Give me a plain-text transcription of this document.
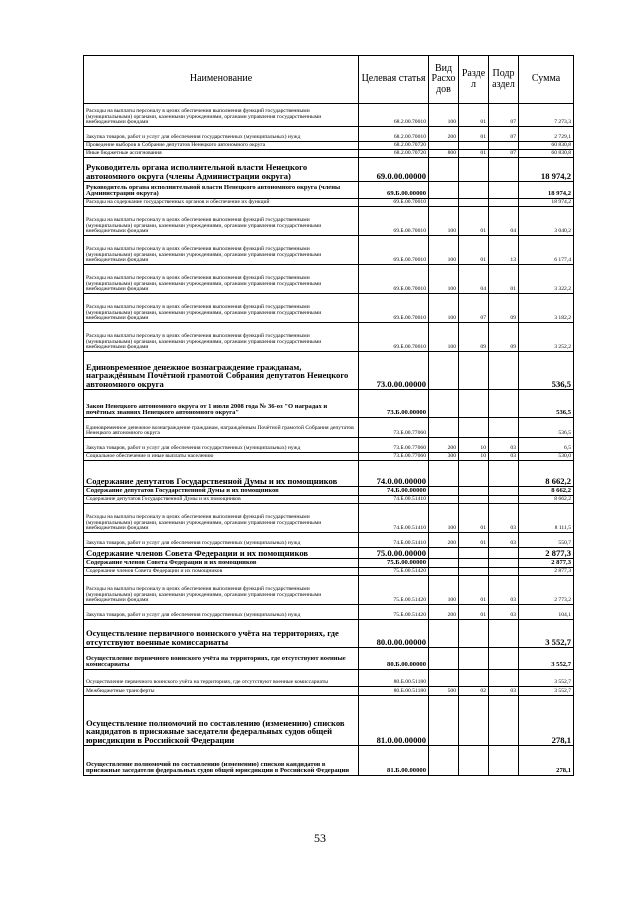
Наименование	Целевая статья	Вид Расхо дов	Разде л	Подр аздел	Сумма
Расходы на выплаты персоналу в целях обеспечения выполнения функций государственными (муниципальными) органами, казенными учреждениями, органами управления государственными внебюджетными фондами	68.2.00.70010	100	01	07	7 273,3
Закупка товаров, работ и услуг для обеспечения государственных (муниципальных) нужд	68.2.00.70010	200	01	07	2 729,1
Проведение выборов в Собрание депутатов Ненецкого автономного округа	68.2.00.70720				60 830,8
Иные бюджетные ассигнования	68.2.00.70720	800	01	07	60 830,8
Руководитель органа исполнительной власти Ненецкого автономного округа (члены Администрации округа)	69.0.00.00000				18 974,2
Руководитель органа исполнительной власти Ненецкого автономного округа (члены Администрации округа)	69.Б.00.00000				18 974,2
Расходы на содержание государственных органов и обеспечение их функций	69.Б.00.70010				18 974,2
Расходы на выплаты персоналу в целях обеспечения выполнения функций государственными (муниципальными) органами, казенными учреждениями, органами управления государственными внебюджетными фондами	69.Б.00.70010	100	01	04	3 040,2
Расходы на выплаты персоналу в целях обеспечения выполнения функций государственными (муниципальными) органами, казенными учреждениями, органами управления государственными внебюджетными фондами	69.Б.00.70010	100	01	13	6 177,4
Расходы на выплаты персоналу в целях обеспечения выполнения функций государственными (муниципальными) органами, казенными учреждениями, органами управления государственными внебюджетными фондами	69.Б.00.70010	100	04	01	3 322,2
Расходы на выплаты персоналу в целях обеспечения выполнения функций государственными (муниципальными) органами, казенными учреждениями, органами управления государственными внебюджетными фондами	69.Б.00.70010	100	07	09	3 182,2
Расходы на выплаты персоналу в целях обеспечения выполнения функций государственными (муниципальными) органами, казенными учреждениями, органами управления государственными внебюджетными фондами	69.Б.00.70010	100	09	09	3 252,2
Единовременное денежное вознаграждение гражданам, награждённым Почётной грамотой Собрания депутатов Ненецкого автономного округа	73.0.00.00000				536,5
Закон Ненецкого автономного округа от 1 июля 2008 года № 36-оз "О наградах и почётных званиях Ненецкого автономного округа"	73.Б.00.00000				536,5
Единовременное денежное вознаграждение гражданам, награждённым Почётной грамотой Собрания депутатов Ненецкого автономного округа	73.Б.00.77060				536,5
Закупка товаров, работ и услуг для обеспечения государственных (муниципальных) нужд	73.Б.00.77060	200	10	03	6,5
Социальное обеспечение и иные выплаты населению	73.Б.00.77060	300	10	03	530,0
Содержание депутатов Государственной Думы и их помощников	74.0.00.00000				8 662,2
Содержание депутатов Государственной Думы и их помощников	74.Б.00.00000				8 662,2
Содержание депутатов Государственной Думы и их помощников	74.Б.00.51410				8 662,2
Расходы на выплаты персоналу в целях обеспечения выполнения функций государственными (муниципальными) органами, казенными учреждениями, органами управления государственными внебюджетными фондами	74.Б.00.51410	100	01	03	8 111,5
Закупка товаров, работ и услуг для обеспечения государственных (муниципальных) нужд	74.Б.00.51410	200	01	03	550,7
Содержание членов Совета Федерации и их помощников	75.0.00.00000				2 877,3
Содержание членов Совета Федерации и их помощников	75.Б.00.00000				2 877,3
Содержание членов Совета Федерации и их помощников	75.Б.00.51420				2 877,3
Расходы на выплаты персоналу в целях обеспечения выполнения функций государственными (муниципальными) органами, казенными учреждениями, органами управления государственными внебюджетными фондами	75.Б.00.51420	100	01	03	2 773,2
Закупка товаров, работ и услуг для обеспечения государственных (муниципальных) нужд	75.Б.00.51420	200	01	03	104,1
Осуществление первичного воинского учёта на территориях, где отсутствуют военные комиссариаты	80.0.00.00000				3 552,7
Осуществление первичного воинского учёта на территориях, где отсутствуют военные комиссариаты	80.Б.00.00000				3 552,7
Осуществление первичного воинского учёта на территориях, где отсутствуют военные комиссариаты	80.Б.00.51180				3 552,7
Межбюджетные трансферты	80.Б.00.51180	500	02	03	3 552,7
Осуществление полномочий по составлению (изменению) списков кандидатов в присяжные заседатели федеральных судов общей юрисдикции в Российской Федерации	81.0.00.00000				278,1
Осуществление полномочий по составлению (изменению) списков кандидатов в присяжные заседатели федеральных судов общей юрисдикции в Российской Федерации	81.Б.00.00000				278,1
53
